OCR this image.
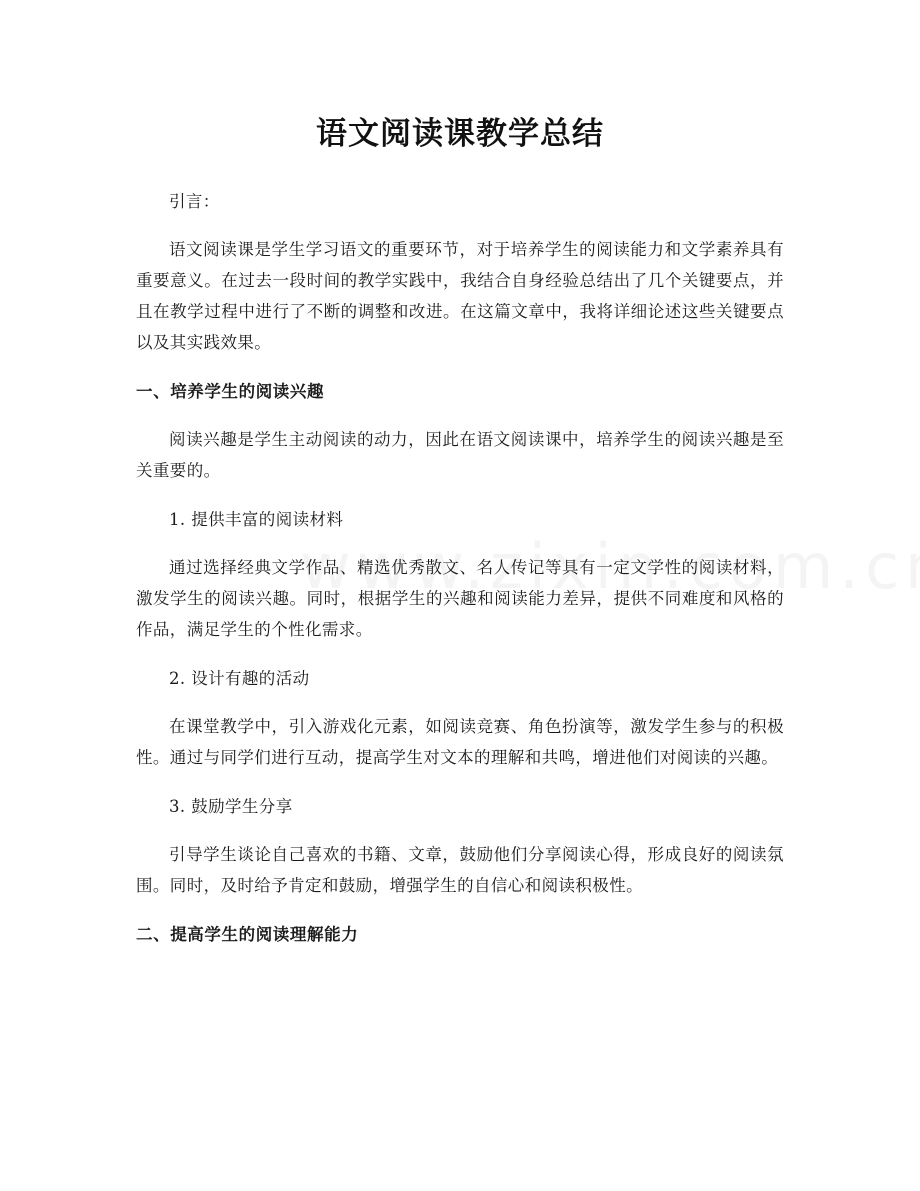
语文阅读课教学总结

引言：

语文阅读课是学生学习语文的重要环节，对于培养学生的阅读能力和文学素养具有重要意义。在过去一段时间的教学实践中，我结合自身经验总结出了几个关键要点，并且在教学过程中进行了不断的调整和改进。在这篇文章中，我将详细论述这些关键要点以及其实践效果。

一、培养学生的阅读兴趣

阅读兴趣是学生主动阅读的动力，因此在语文阅读课中，培养学生的阅读兴趣是至关重要的。

1. 提供丰富的阅读材料

通过选择经典文学作品、精选优秀散文、名人传记等具有一定文学性的阅读材料，激发学生的阅读兴趣。同时，根据学生的兴趣和阅读能力差异，提供不同难度和风格的作品，满足学生的个性化需求。

2. 设计有趣的活动

在课堂教学中，引入游戏化元素，如阅读竞赛、角色扮演等，激发学生参与的积极性。通过与同学们进行互动，提高学生对文本的理解和共鸣，增进他们对阅读的兴趣。

3. 鼓励学生分享

引导学生谈论自己喜欢的书籍、文章，鼓励他们分享阅读心得，形成良好的阅读氛围。同时，及时给予肯定和鼓励，增强学生的自信心和阅读积极性。

二、提高学生的阅读理解能力
